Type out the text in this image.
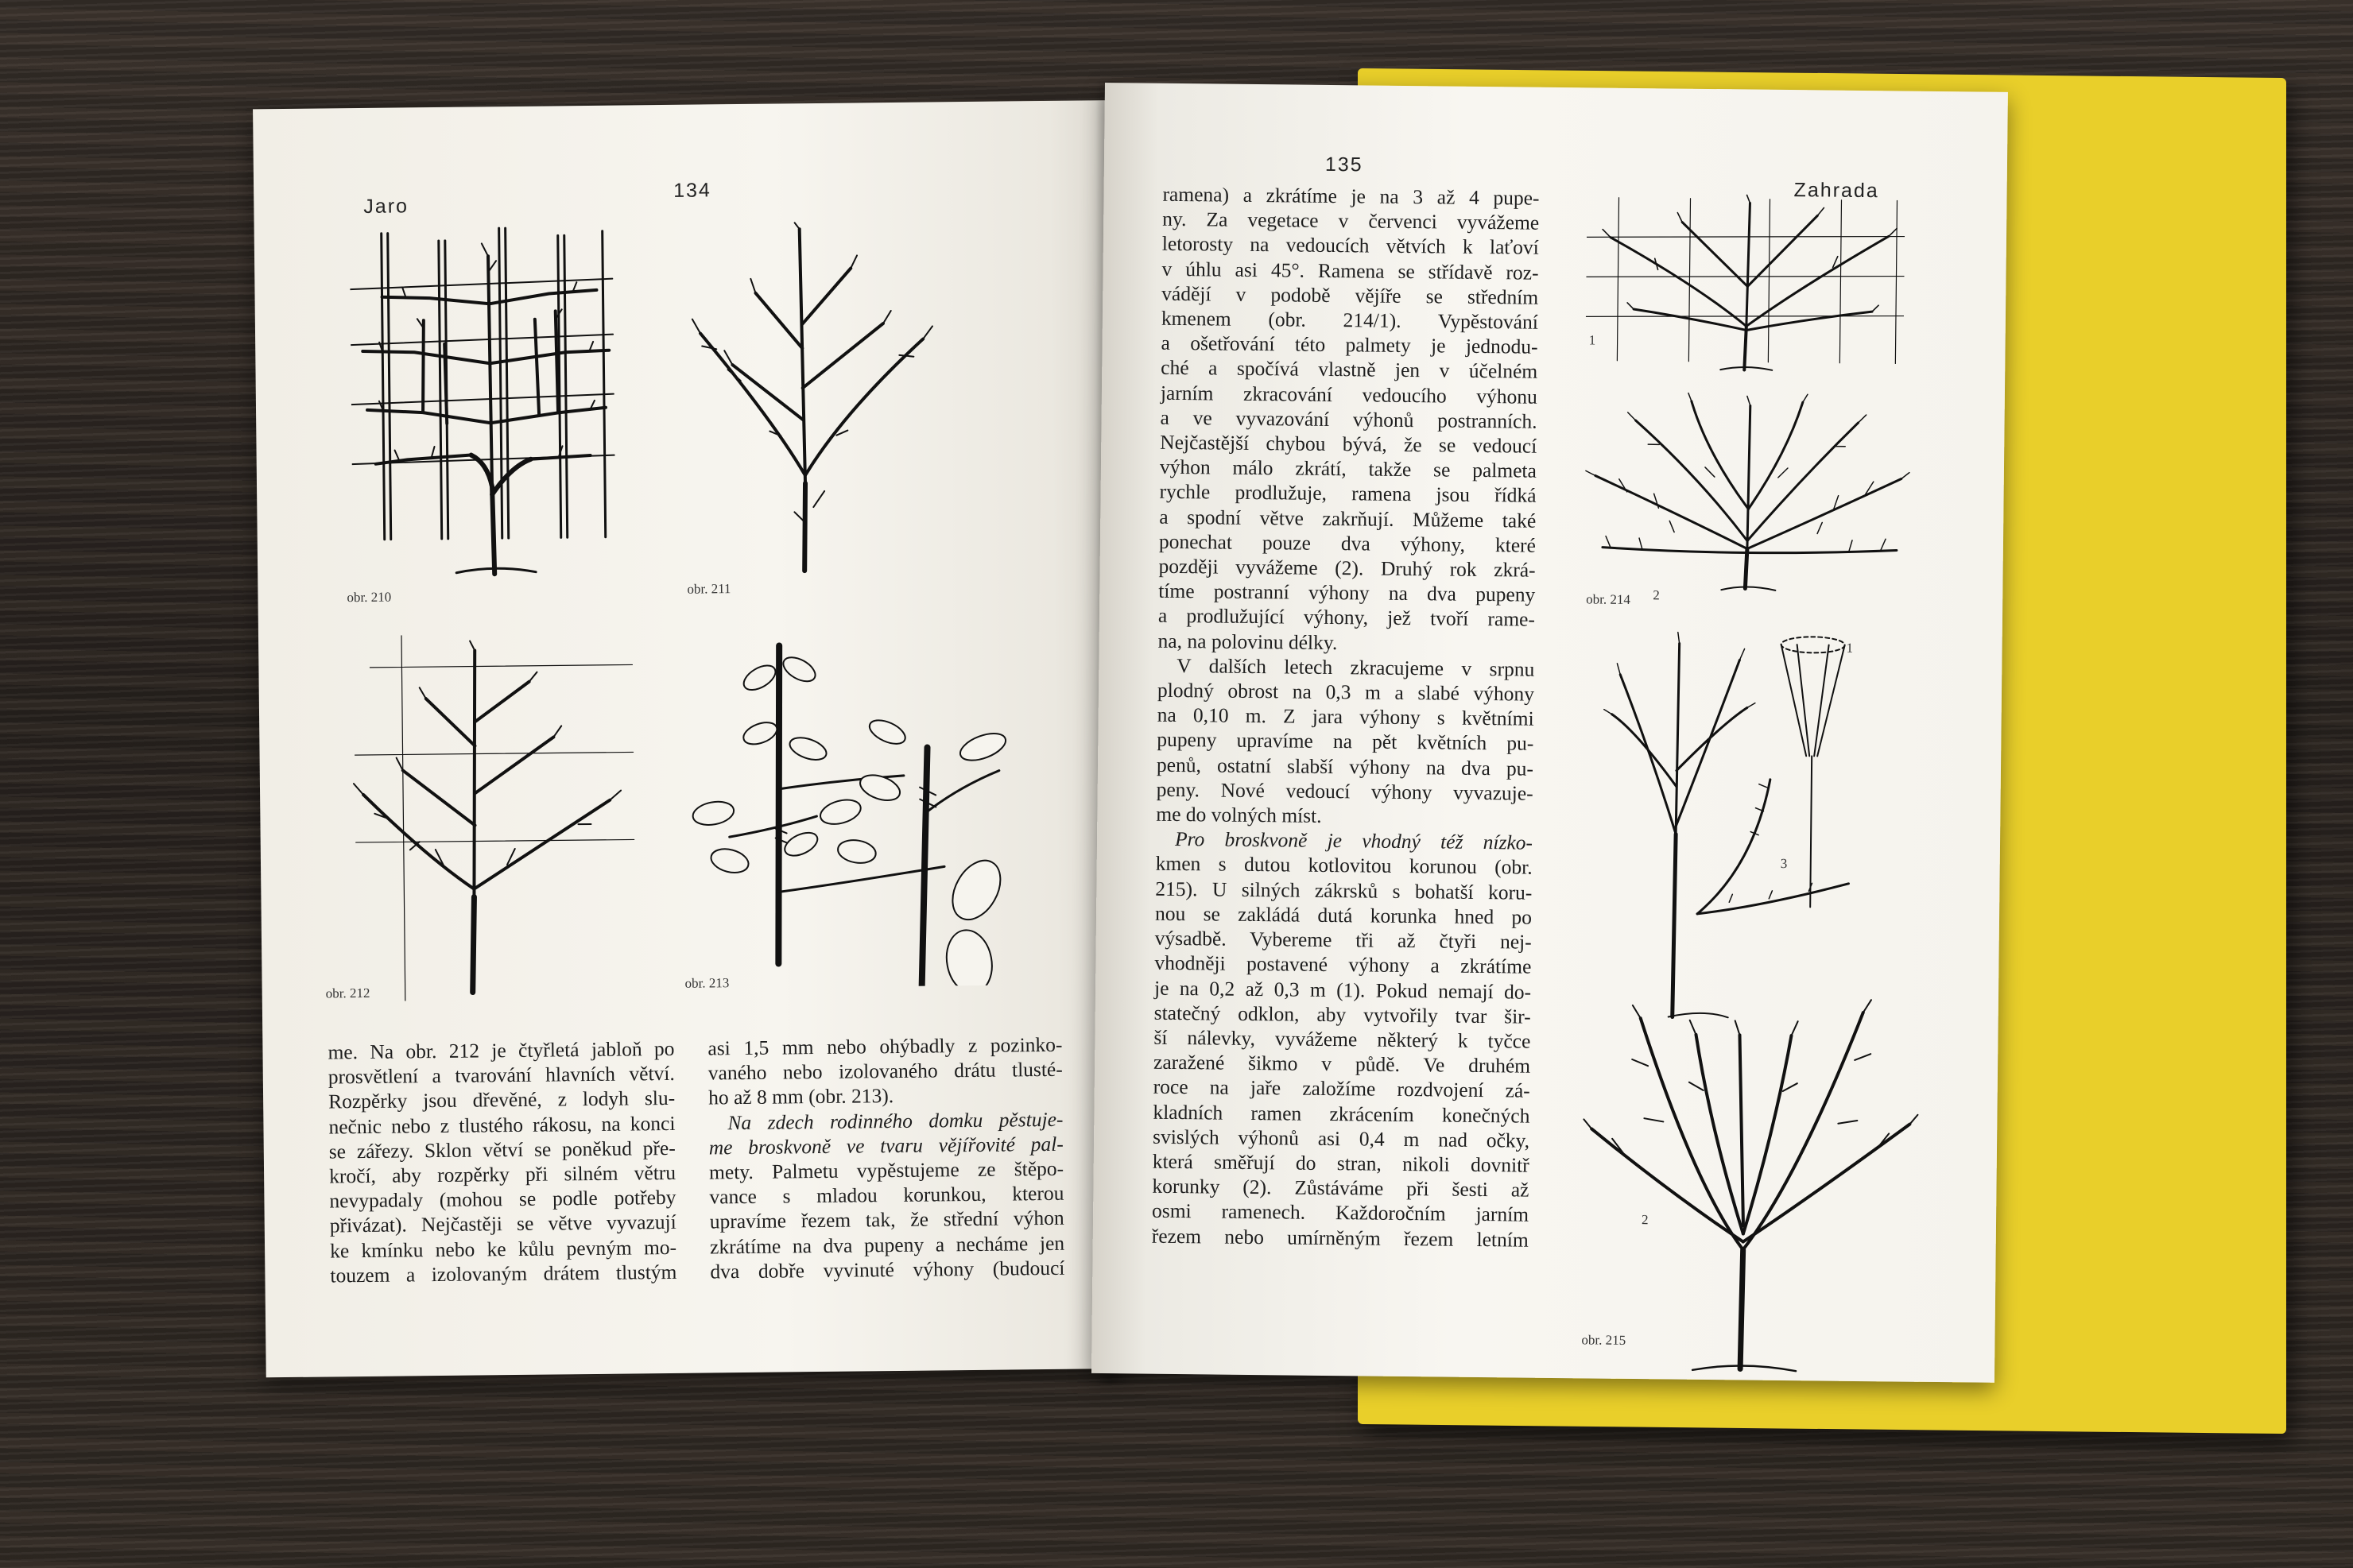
Jaro
134
obr. 210
obr. 211
obr. 212
obr. 213
me. Na obr. 212 je čtyřletá jabloň po
prosvětlení a tvarování hlavních větví.
Rozpěrky jsou dřevěné, z lodyh slu-
nečnic nebo z tlustého rákosu, na konci
se zářezy. Sklon větví se poněkud pře-
kročí, aby rozpěrky při silném větru
nevypadaly (mohou se podle potřeby
přivázat). Nejčastěji se větve vyvazují
ke kmínku nebo ke kůlu pevným mo-
touzem a izolovaným drátem tlustým
asi 1,5 mm nebo ohýbadly z pozinko-
vaného nebo izolovaného drátu tlusté-
ho až 8 mm (obr. 213).
Na zdech rodinného domku pěstuje-
me broskvoně ve tvaru vějířovité pal-
mety. Palmetu vypěstujeme ze štěpo-
vance s mladou korunkou, kterou
upravíme řezem tak, že střední výhon
zkrátíme na dva pupeny a necháme jen
dva dobře vyvinuté výhony (budoucí
Zahrada
135
ramena) a zkrátíme je na 3 až 4 pupe-
ny. Za vegetace v červenci vyvážeme
letorosty na vedoucích větvích k laťoví
v úhlu asi 45°. Ramena se střídavě roz-
vádějí v podobě vějíře se středním
kmenem (obr. 214/1). Vypěstování
a ošetřování této palmety je jednodu-
ché a spočívá vlastně jen v účelném
jarním zkracování vedoucího výhonu
a ve vyvazování výhonů postranních.
Nejčastější chybou bývá, že se vedoucí
výhon málo zkrátí, takže se palmeta
rychle prodlužuje, ramena jsou řídká
a spodní větve zakrňují. Můžeme také
ponechat pouze dva výhony, které
později vyvážeme (2). Druhý rok zkrá-
tíme postranní výhony na dva pupeny
a prodlužující výhony, jež tvoří rame-
na, na polovinu délky.
V dalších letech zkracujeme v srpnu
plodný obrost na 0,3 m a slabé výhony
na 0,10 m. Z jara výhony s květními
pupeny upravíme na pět květních pu-
penů, ostatní slabší výhony na dva pu-
peny. Nové vedoucí výhony vyvazuje-
me do volných míst.
Pro broskvoně je vhodný též nízko-
kmen s dutou kotlovitou korunou (obr.
215). U silných zákrsků s bohatší koru-
nou se zakládá dutá korunka hned po
výsadbě. Vybereme tři až čtyři nej-
vhodněji postavené výhony a zkrátíme
je na 0,2 až 0,3 m (1). Pokud nemají do-
statečný odklon, aby vytvořily tvar šir-
ší nálevky, vyvážeme některý k tyčce
zaražené šikmo v půdě. Ve druhém
roce na jaře založíme rozdvojení zá-
kladních ramen zkrácením konečných
svislých výhonů asi 0,4 m nad očky,
která směřují do stran, nikoli dovnitř
korunky (2). Zůstáváme při šesti až
osmi ramenech. Každoročním jarním
řezem nebo umírněným řezem letním
1
obr. 214 2
1
3
2
obr. 215
